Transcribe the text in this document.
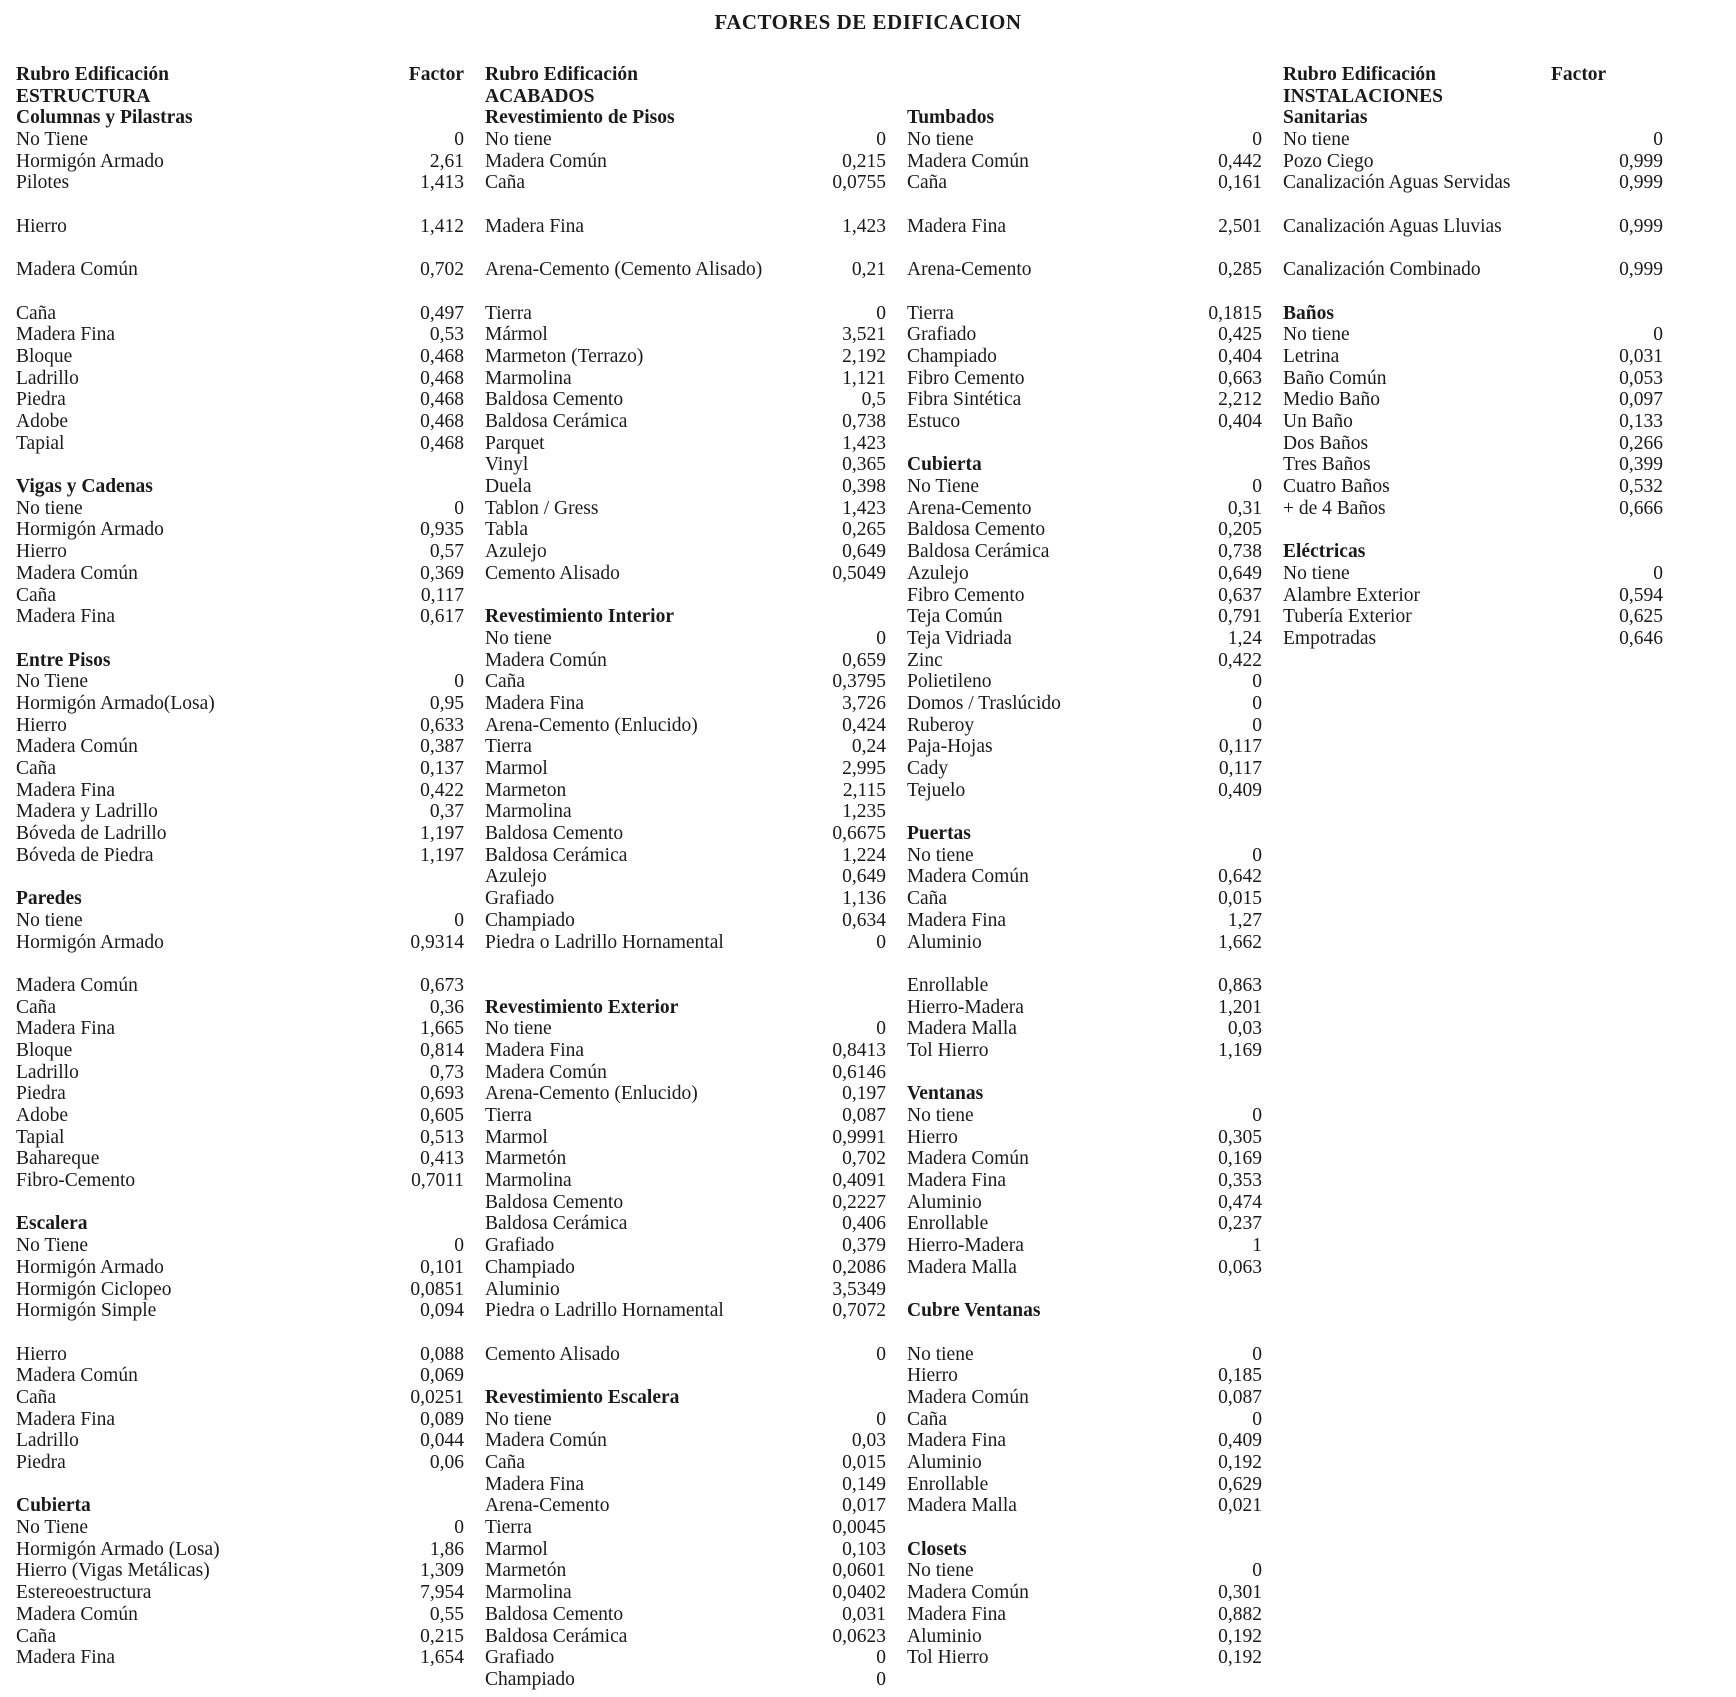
FACTORES DE EDIFICACION
Rubro Edificación	Factor
ESTRUCTURA
Columnas y Pilastras
No Tiene	0
Hormigón Armado	2,61
Pilotes	1,413
Hierro	1,412
Madera Común	0,702
Caña	0,497
Madera Fina	0,53
Bloque	0,468
Ladrillo	0,468
Piedra	0,468
Adobe	0,468
Tapial	0,468
Vigas y Cadenas
No tiene	0
Hormigón Armado	0,935
Hierro	0,57
Madera Común	0,369
Caña	0,117
Madera Fina	0,617
Entre Pisos
No Tiene	0
Hormigón Armado(Losa)	0,95
Hierro	0,633
Madera Común	0,387
Caña	0,137
Madera Fina	0,422
Madera y Ladrillo	0,37
Bóveda de Ladrillo	1,197
Bóveda de Piedra	1,197
Paredes
No tiene	0
Hormigón Armado	0,9314
Madera Común	0,673
Caña	0,36
Madera Fina	1,665
Bloque	0,814
Ladrillo	0,73
Piedra	0,693
Adobe	0,605
Tapial	0,513
Bahareque	0,413
Fibro-Cemento	0,7011
Escalera
No Tiene	0
Hormigón Armado	0,101
Hormigón Ciclopeo	0,0851
Hormigón Simple	0,094
Hierro	0,088
Madera Común	0,069
Caña	0,0251
Madera Fina	0,089
Ladrillo	0,044
Piedra	0,06
Cubierta
No Tiene	0
Hormigón Armado (Losa)	1,86
Hierro (Vigas Metálicas)	1,309
Estereoestructura	7,954
Madera Común	0,55
Caña	0,215
Madera Fina	1,654
Rubro Edificación
ACABADOS
Revestimiento de Pisos
No tiene	0
Madera Común	0,215
Caña	0,0755
Madera Fina	1,423
Arena-Cemento (Cemento Alisado)	0,21
Tierra	0
Mármol	3,521
Marmeton (Terrazo)	2,192
Marmolina	1,121
Baldosa Cemento	0,5
Baldosa Cerámica	0,738
Parquet	1,423
Vinyl	0,365
Duela	0,398
Tablon / Gress	1,423
Tabla	0,265
Azulejo	0,649
Cemento Alisado	0,5049
Revestimiento Interior
No tiene	0
Madera Común	0,659
Caña	0,3795
Madera Fina	3,726
Arena-Cemento (Enlucido)	0,424
Tierra	0,24
Marmol	2,995
Marmeton	2,115
Marmolina	1,235
Baldosa Cemento	0,6675
Baldosa Cerámica	1,224
Azulejo	0,649
Grafiado	1,136
Champiado	0,634
Piedra o Ladrillo Hornamental	0
Revestimiento Exterior
No tiene	0
Madera Fina	0,8413
Madera Común	0,6146
Arena-Cemento (Enlucido)	0,197
Tierra	0,087
Marmol	0,9991
Marmetón	0,702
Marmolina	0,4091
Baldosa Cemento	0,2227
Baldosa Cerámica	0,406
Grafiado	0,379
Champiado	0,2086
Aluminio	3,5349
Piedra o Ladrillo Hornamental	0,7072
Cemento Alisado	0
Revestimiento Escalera
No tiene	0
Madera Común	0,03
Caña	0,015
Madera Fina	0,149
Arena-Cemento	0,017
Tierra	0,0045
Marmol	0,103
Marmetón	0,0601
Marmolina	0,0402
Baldosa Cemento	0,031
Baldosa Cerámica	0,0623
Grafiado	0
Champiado	0
Tumbados
No tiene	0
Madera Común	0,442
Caña	0,161
Madera Fina	2,501
Arena-Cemento	0,285
Tierra	0,1815
Grafiado	0,425
Champiado	0,404
Fibro Cemento	0,663
Fibra Sintética	2,212
Estuco	0,404
Cubierta
No Tiene	0
Arena-Cemento	0,31
Baldosa Cemento	0,205
Baldosa Cerámica	0,738
Azulejo	0,649
Fibro Cemento	0,637
Teja Común	0,791
Teja Vidriada	1,24
Zinc	0,422
Polietileno	0
Domos / Traslúcido	0
Ruberoy	0
Paja-Hojas	0,117
Cady	0,117
Tejuelo	0,409
Puertas
No tiene	0
Madera Común	0,642
Caña	0,015
Madera Fina	1,27
Aluminio	1,662
Enrollable	0,863
Hierro-Madera	1,201
Madera Malla	0,03
Tol Hierro	1,169
Ventanas
No tiene	0
Hierro	0,305
Madera Común	0,169
Madera Fina	0,353
Aluminio	0,474
Enrollable	0,237
Hierro-Madera	1
Madera Malla	0,063
Cubre Ventanas
No tiene	0
Hierro	0,185
Madera Común	0,087
Caña	0
Madera Fina	0,409
Aluminio	0,192
Enrollable	0,629
Madera Malla	0,021
Closets
No tiene	0
Madera Común	0,301
Madera Fina	0,882
Aluminio	0,192
Tol Hierro	0,192
Rubro Edificación	Factor
INSTALACIONES
Sanitarias
No tiene	0
Pozo Ciego	0,999
Canalización Aguas Servidas	0,999
Canalización Aguas Lluvias	0,999
Canalización Combinado	0,999
Baños
No tiene	0
Letrina	0,031
Baño Común	0,053
Medio Baño	0,097
Un Baño	0,133
Dos Baños	0,266
Tres Baños	0,399
Cuatro Baños	0,532
+ de 4 Baños	0,666
Eléctricas
No tiene	0
Alambre Exterior	0,594
Tubería Exterior	0,625
Empotradas	0,646
